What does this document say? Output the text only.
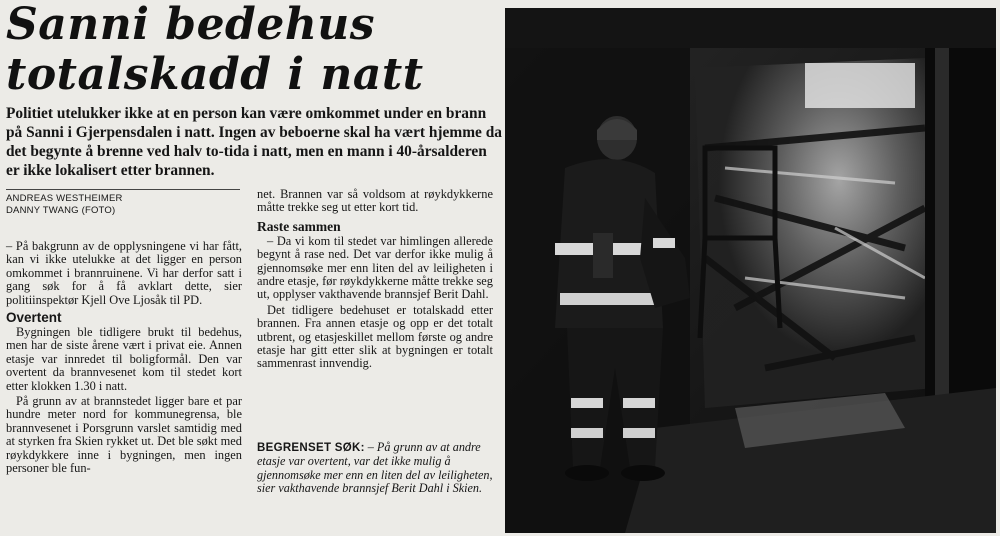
Sanni bedehus
totalskadd i natt

Politiet utelukker ikke at en person kan være omkommet under en brann på Sanni i Gjerpensdalen i natt. Ingen av beboerne skal ha vært hjemme da det begynte å brenne ved halv to-tida i natt, men en mann i 40-årsalderen er ikke lokalisert etter brannen.

ANDREAS WESTHEIMER
DANNY TWANG (FOTO)

– På bakgrunn av de opplysningene vi har fått, kan vi ikke utelukke at det ligger en person omkommet i brannruinene. Vi har derfor satt i gang søk for å få avklart dette, sier politiinspektør Kjell Ove Ljosåk til PD.

Overtent

Bygningen ble tidligere brukt til bedehus, men har de siste årene vært i privat eie. Annen etasje var innredet til boligformål. Den var overtent da brannvesenet kom til stedet kort etter klokken 1.30 i natt.

På grunn av at brannstedet ligger bare et par hundre meter nord for kommunegrensa, ble brannvesenet i Porsgrunn varslet samtidig med at styrken fra Skien rykket ut. Det ble søkt med røykdykkere inne i bygningen, men ingen personer ble fun-

net. Brannen var så voldsom at røykdykkerne måtte trekke seg ut etter kort tid.

Raste sammen

– Da vi kom til stedet var himlingen allerede begynt å rase ned. Det var derfor ikke mulig å gjennomsøke mer enn liten del av leiligheten i andre etasje, før røykdykkerne måtte trekke seg ut, opplyser vakthavende brannsjef Berit Dahl.

Det tidligere bedehuset er totalskadd etter brannen. Fra annen etasje og opp er det totalt utbrent, og etasjeskillet mellom første og andre etasje har gitt etter slik at bygningen er totalt sammenrast innvendig.

BEGRENSET SØK: – På grunn av at andre etasje var overtent, var det ikke mulig å gjennomsøke mer enn en liten del av leiligheten, sier vakthavende brannsjef Berit Dahl i Skien.
